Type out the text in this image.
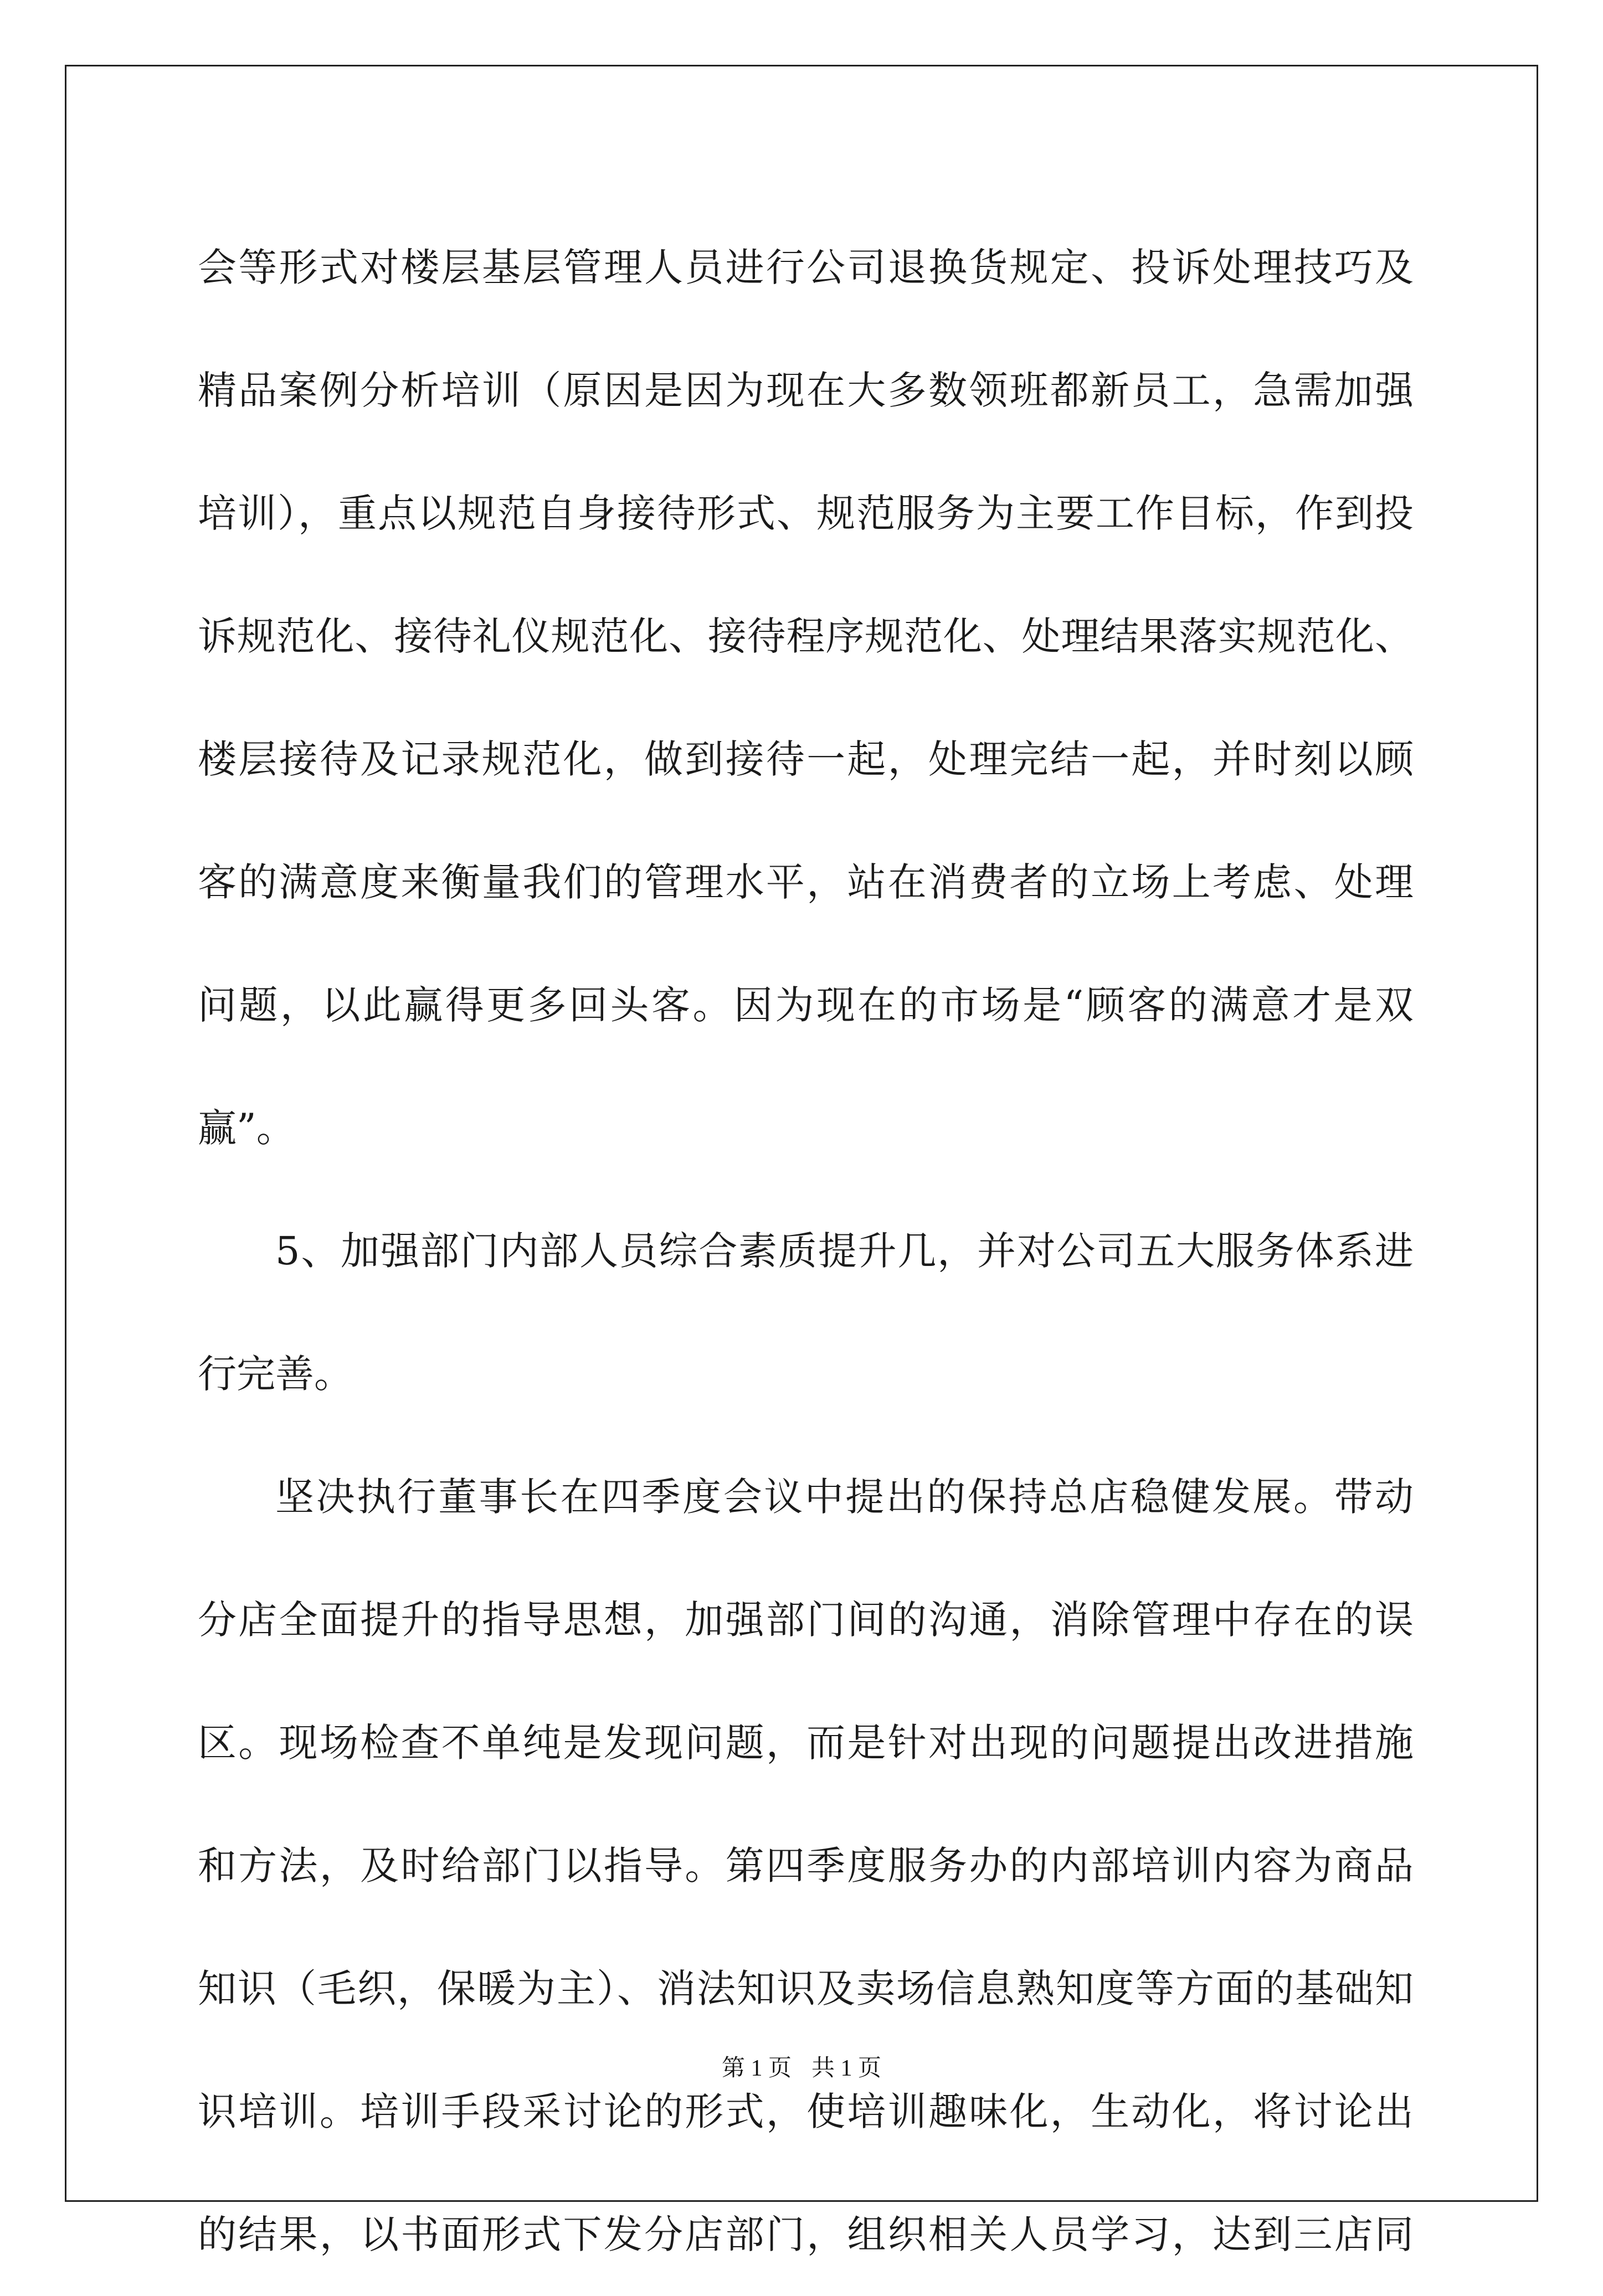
会等形式对楼层基层管理人员进行公司退换货规定、投诉处理技巧及
精品案例分析培训（原因是因为现在大多数领班都新员工，急需加强
培训），重点以规范自身接待形式、规范服务为主要工作目标，作到投
诉规范化、接待礼仪规范化、接待程序规范化、处理结果落实规范化、
楼层接待及记录规范化，做到接待一起，处理完结一起，并时刻以顾
客的满意度来衡量我们的管理水平，站在消费者的立场上考虑、处理
问题，以此赢得更多回头客。因为现在的市场是“顾客的满意才是双
赢”。
5、加强部门内部人员综合素质提升几，并对公司五大服务体系进
行完善。
坚决执行董事长在四季度会议中提出的保持总店稳健发展。带动
分店全面提升的指导思想，加强部门间的沟通，消除管理中存在的误
区。现场检查不单纯是发现问题，而是针对出现的问题提出改进措施
和方法，及时给部门以指导。第四季度服务办的内部培训内容为商品
知识（毛织，保暖为主）、消法知识及卖场信息熟知度等方面的基础知
识培训。培训手段采讨论的形式，使培训趣味化，生动化，将讨论出
的结果，以书面形式下发分店部门，组织相关人员学习，达到三店同
第 1 页 共 1 页
